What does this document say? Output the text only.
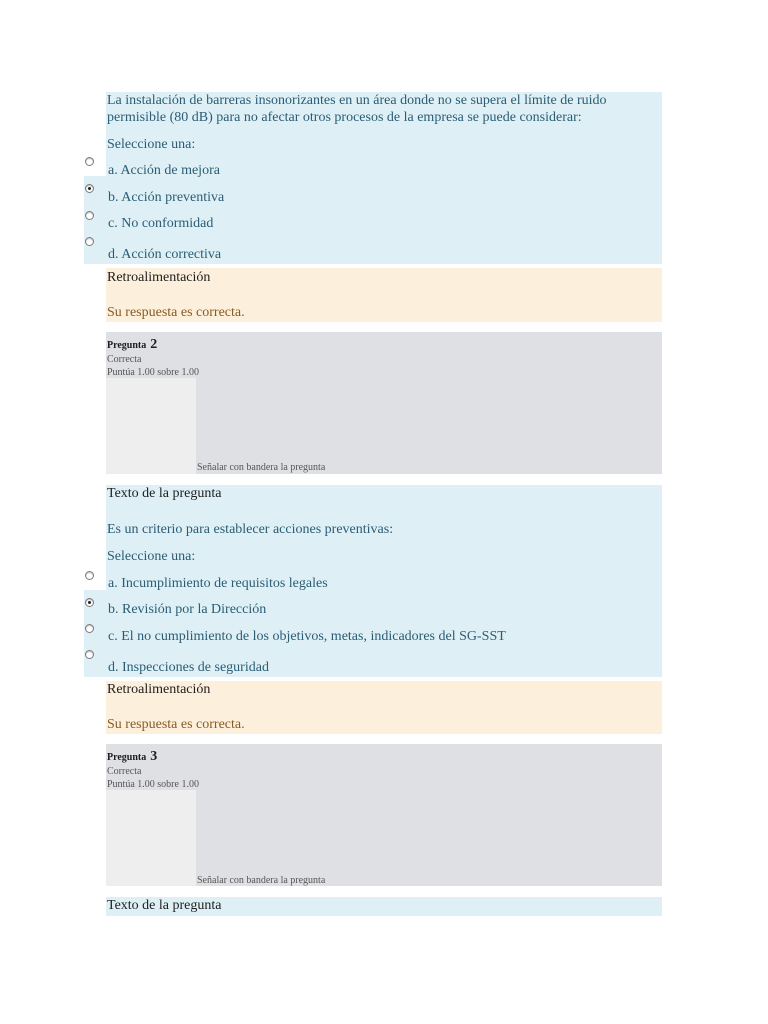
La instalación de barreras insonorizantes en un área donde no se supera el límite de ruido
permisible (80 dB) para no afectar otros procesos de la empresa se puede considerar:
Seleccione una:
a. Acción de mejora
b. Acción preventiva
c. No conformidad
d. Acción correctiva
Retroalimentación
Su respuesta es correcta.
Pregunta 2
Correcta
Puntúa 1.00 sobre 1.00
Señalar con bandera la pregunta
Texto de la pregunta
Es un criterio para establecer acciones preventivas:
Seleccione una:
a. Incumplimiento de requisitos legales
b. Revisión por la Dirección
c. El no cumplimiento de los objetivos, metas, indicadores del SG-SST
d. Inspecciones de seguridad
Retroalimentación
Su respuesta es correcta.
Pregunta 3
Correcta
Puntúa 1.00 sobre 1.00
Señalar con bandera la pregunta
Texto de la pregunta
